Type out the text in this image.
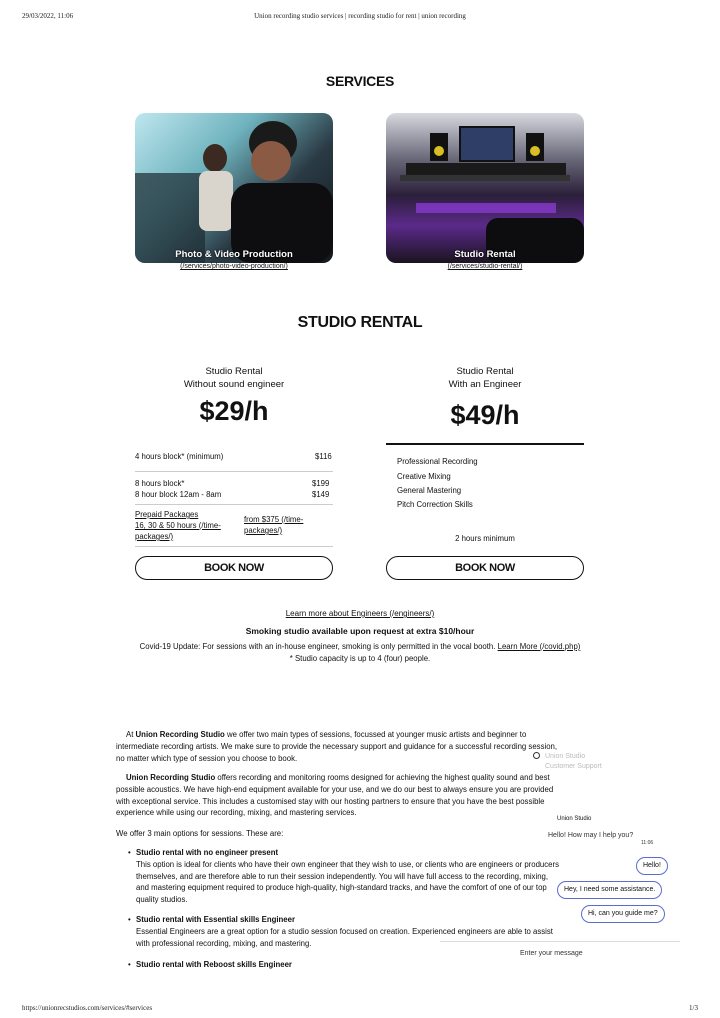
29/03/2022, 11:06	Union recording studio services | recording studio for rent | union recording
SERVICES
Photo & Video Production
(/services/photo-video-production/)
Studio Rental
(/services/studio-rental/)
STUDIO RENTAL
Studio Rental
Without sound engineer
$29/h
4 hours block* (minimum)	$116
8 hours block*	$199
8 hour block 12am - 8am	$149
Prepaid Packages
16, 30 & 50 hours (/time-
packages/)
from $375 (/time-
packages/)
BOOK NOW
Studio Rental
With an Engineer
$49/h
Professional Recording
Creative Mixing
General Mastering
Pitch Correction Skills
2 hours minimum
BOOK NOW
Learn more about Engineers (/engineers/)
Smoking studio available upon request at extra $10/hour
Covid-19 Update: For sessions with an in-house engineer, smoking is only permitted in the vocal booth. Learn More (/covid.php)
* Studio capacity is up to 4 (four) people.
At Union Recording Studio we offer two main types of sessions, focussed at younger music artists and beginner to
intermediate recording artists. We make sure to provide the necessary support and guidance for a successful recording session,
no matter which type of session you choose to book.
Union Recording Studio offers recording and monitoring rooms designed for achieving the highest quality sound and best
possible acoustics. We have high-end equipment available for your use, and we do our best to always ensure you are provided
with exceptional service. This includes a customised stay with our hosting partners to ensure that you have the best possible
experience while using our recording, mixing, and mastering services.
We offer 3 main options for sessions. These are:
• Studio rental with no engineer present
This option is ideal for clients who have their own engineer that they wish to use, or clients who are engineers or producers
themselves, and are therefore able to run their session independently. You will have full access to the recording, mixing,
and mastering equipment required to produce high-quality, high-standard tracks, and have the comfort of one of our top
quality studios.
• Studio rental with Essential skills Engineer
Essential Engineers are a great option for a studio session focused on creation. Experienced engineers are able to assist
with professional recording, mixing, and mastering.
• Studio rental with Reboost skills Engineer
Union Studio
Customer Support
Union Studio
Hello! How may I help you?
11:06
Hello!
Hey, I need some assistance.
Hi, can you guide me?
Enter your message
https://unionrecstudios.com/services/#services	1/3
